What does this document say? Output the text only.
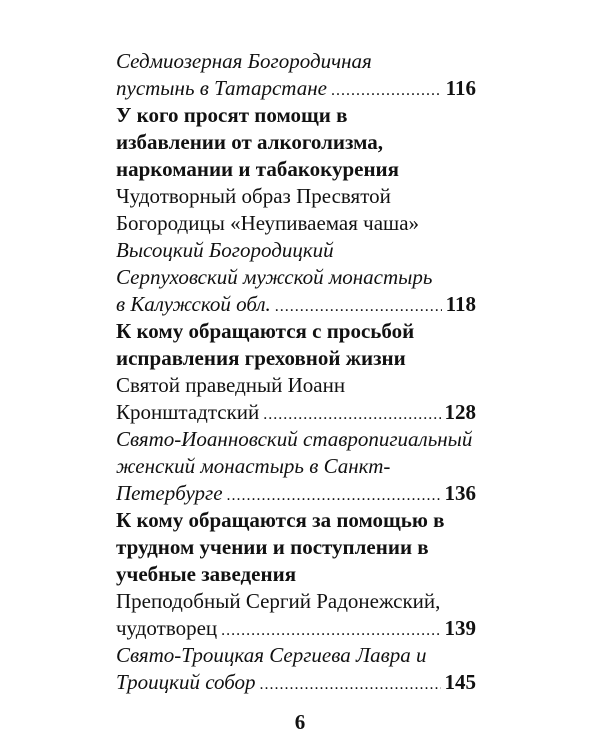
Седмиозерная Богородичная
пустынь в Татарстане .....	116
У кого просят помощи в
избавлении от алкоголизма,
наркомании и табакокурения
Чудотворный образ Пресвятой
Богородицы «Неупиваемая чаша»
Высоцкий Богородицкий
Серпуховский мужской монастырь
в Калужской обл. .....	118
К кому обращаются с просьбой
исправления греховной жизни
Святой праведный Иоанн
Кронштадтский .....	128
Свято-Иоанновский ставропигиальный
женский монастырь в Санкт-
Петербурге .....	136
К кому обращаются за помощью в
трудном учении и поступлении в
учебные заведения
Преподобный Сергий Радонежский,
чудотворец .....	139
Свято-Троицкая Сергиева Лавра и
Троицкий собор .....	145
6
